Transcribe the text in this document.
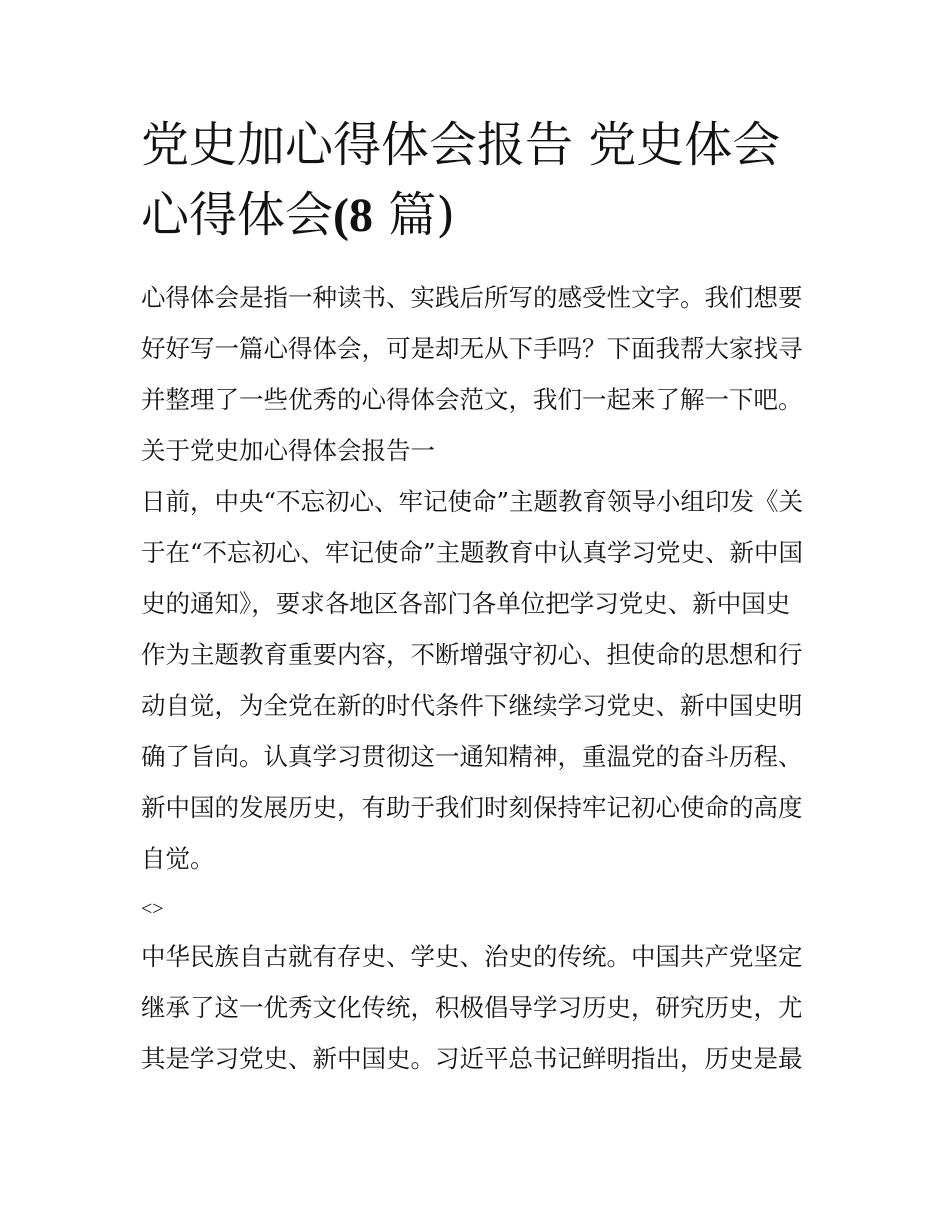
党史加心得体会报告 党史体会
心得体会(8 篇)
心得体会是指一种读书、实践后所写的感受性文字。我们想要
好好写一篇心得体会，可是却无从下手吗？下面我帮大家找寻
并整理了一些优秀的心得体会范文，我们一起来了解一下吧。
关于党史加心得体会报告一
日前，中央“不忘初心、牢记使命”主题教育领导小组印发《关
于在“不忘初心、牢记使命”主题教育中认真学习党史、新中国
史的通知》，要求各地区各部门各单位把学习党史、新中国史
作为主题教育重要内容，不断增强守初心、担使命的思想和行
动自觉，为全党在新的时代条件下继续学习党史、新中国史明
确了旨向。认真学习贯彻这一通知精神，重温党的奋斗历程、
新中国的发展历史，有助于我们时刻保持牢记初心使命的高度
自觉。
<>
中华民族自古就有存史、学史、治史的传统。中国共产党坚定
继承了这一优秀文化传统，积极倡导学习历史，研究历史，尤
其是学习党史、新中国史。习近平总书记鲜明指出，历史是最
